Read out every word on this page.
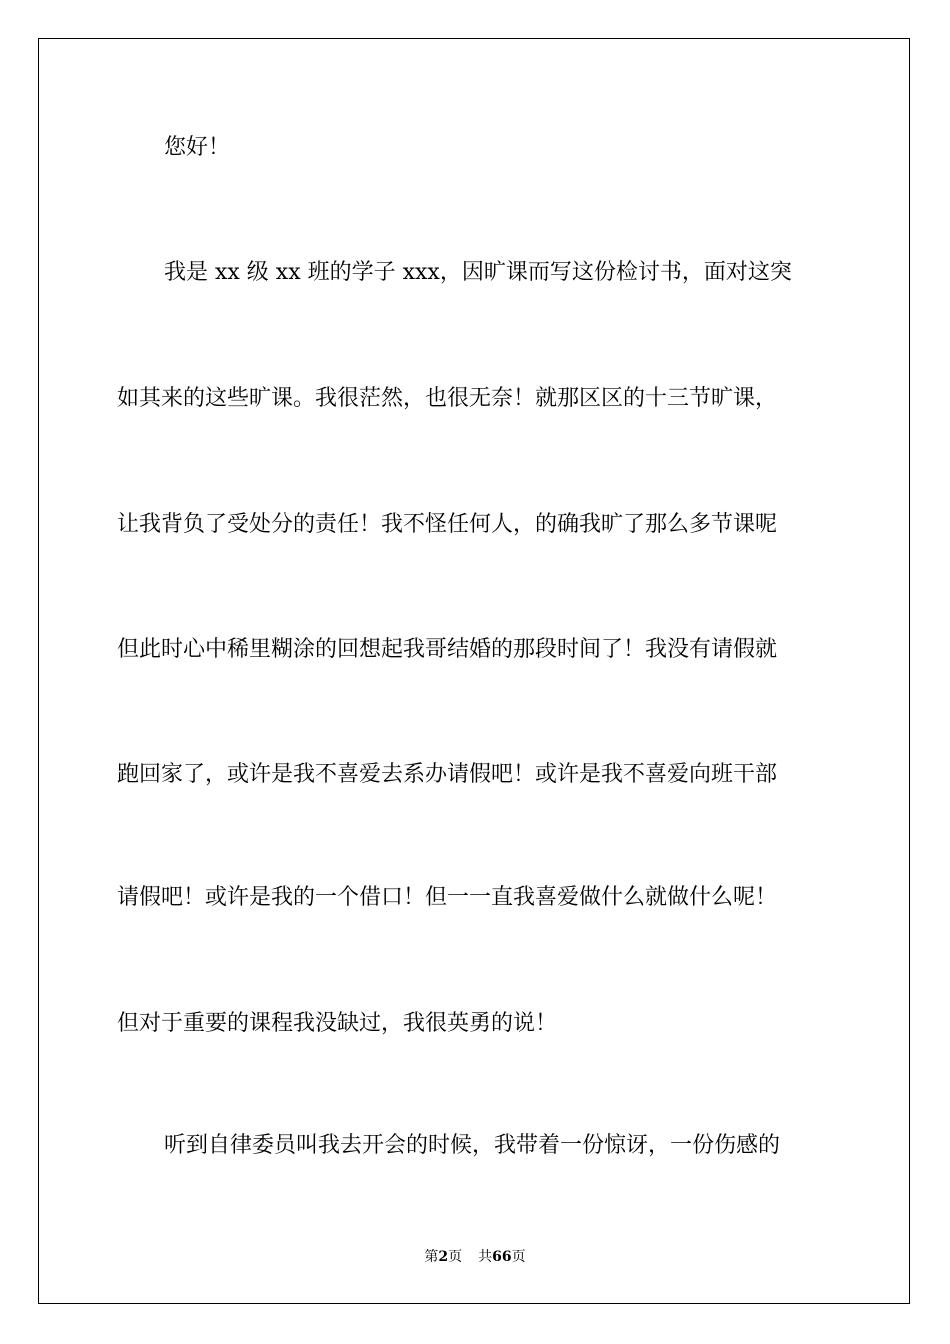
您好！
我是 xx 级 xx 班的学子 xxx，因旷课而写这份检讨书，面对这突
如其来的这些旷课。我很茫然，也很无奈！就那区区的十三节旷课，
让我背负了受处分的责任！我不怪任何人，的确我旷了那么多节课呢
但此时心中稀里糊涂的回想起我哥结婚的那段时间了！我没有请假就
跑回家了，或许是我不喜爱去系办请假吧！或许是我不喜爱向班干部
请假吧！或许是我的一个借口！但一一直我喜爱做什么就做什么呢！
但对于重要的课程我没缺过，我很英勇的说！
听到自律委员叫我去开会的时候，我带着一份惊讶，一份伤感的
第2页 共66页
